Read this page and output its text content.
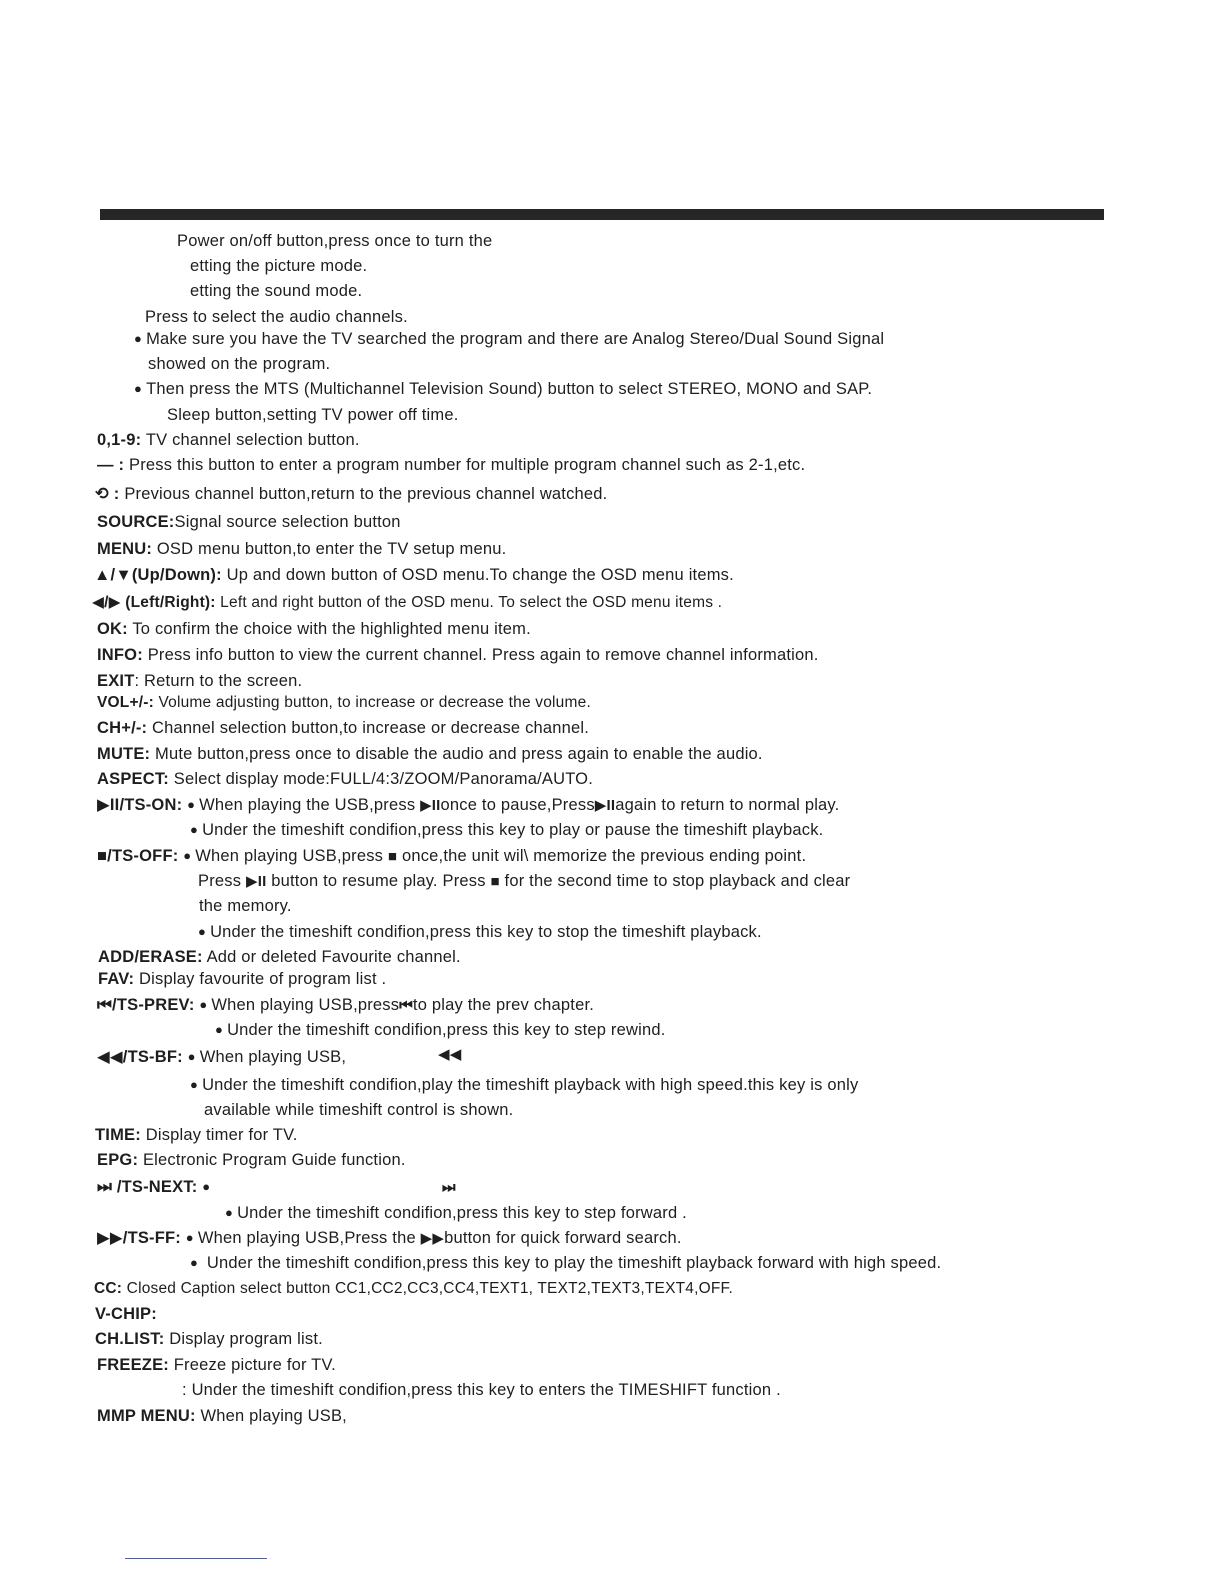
Power on/off button,press once to turn the
etting the picture mode.
etting the sound mode.
Press to select the audio channels.
● Make sure you have the TV searched the program and there are Analog Stereo/Dual Sound Signal
showed on the program.
● Then press the MTS (Multichannel Television Sound) button to select STEREO, MONO and SAP.
Sleep button,setting TV power off time.
0,1-9: TV channel selection button.
— : Press this button to enter a program number for multiple program channel such as 2-1,etc.
⟲ : Previous channel button,return to the previous channel watched.
SOURCE:Signal source selection button
MENU: OSD menu button,to enter the TV setup menu.
▲/▼(Up/Down): Up and down button of OSD menu.To change the OSD menu items.
◀/▶ (Left/Right): Left and right button of the OSD menu. To select the OSD menu items .
OK: To confirm the choice with the highlighted menu item.
INFO: Press info button to view the current channel. Press again to remove channel information.
EXIT: Return to the screen.
VOL+/-: Volume adjusting button, to increase or decrease the volume.
CH+/-: Channel selection button,to increase or decrease channel.
MUTE: Mute button,press once to disable the audio and press again to enable the audio.
ASPECT: Select display mode:FULL/4:3/ZOOM/Panorama/AUTO.
▶II/TS-ON: ● When playing the USB,press ▶IIonce to pause,Press▶IIagain to return to normal play.
● Under the timeshift condifion,press this key to play or pause the timeshift playback.
■/TS-OFF: ● When playing USB,press ■ once,the unit wil\ memorize the previous ending point.
Press ▶II button to resume play. Press ■ for the second time to stop playback and clear
the memory.
● Under the timeshift condifion,press this key to stop the timeshift playback.
ADD/ERASE: Add or deleted Favourite channel.
FAV: Display favourite of program list .
⏮/TS-PREV: ● When playing USB,press⏮to play the prev chapter.
● Under the timeshift condifion,press this key to step rewind.
◀◀/TS-BF: ● When playing USB,	◀◀
● Under the timeshift condifion,play the timeshift playback with high speed.this key is only
available while timeshift control is shown.
TIME: Display timer for TV.
EPG: Electronic Program Guide function.
⏭ /TS-NEXT: ●	⏭
● Under the timeshift condifion,press this key to step forward .
▶▶/TS-FF: ● When playing USB,Press the ▶▶button for quick forward search.
● Under the timeshift condifion,press this key to play the timeshift playback forward with high speed.
CC: Closed Caption select button CC1,CC2,CC3,CC4,TEXT1, TEXT2,TEXT3,TEXT4,OFF.
V-CHIP:
CH.LIST: Display program list.
FREEZE: Freeze picture for TV.
: Under the timeshift condifion,press this key to enters the TIMESHIFT function .
MMP MENU: When playing USB,
